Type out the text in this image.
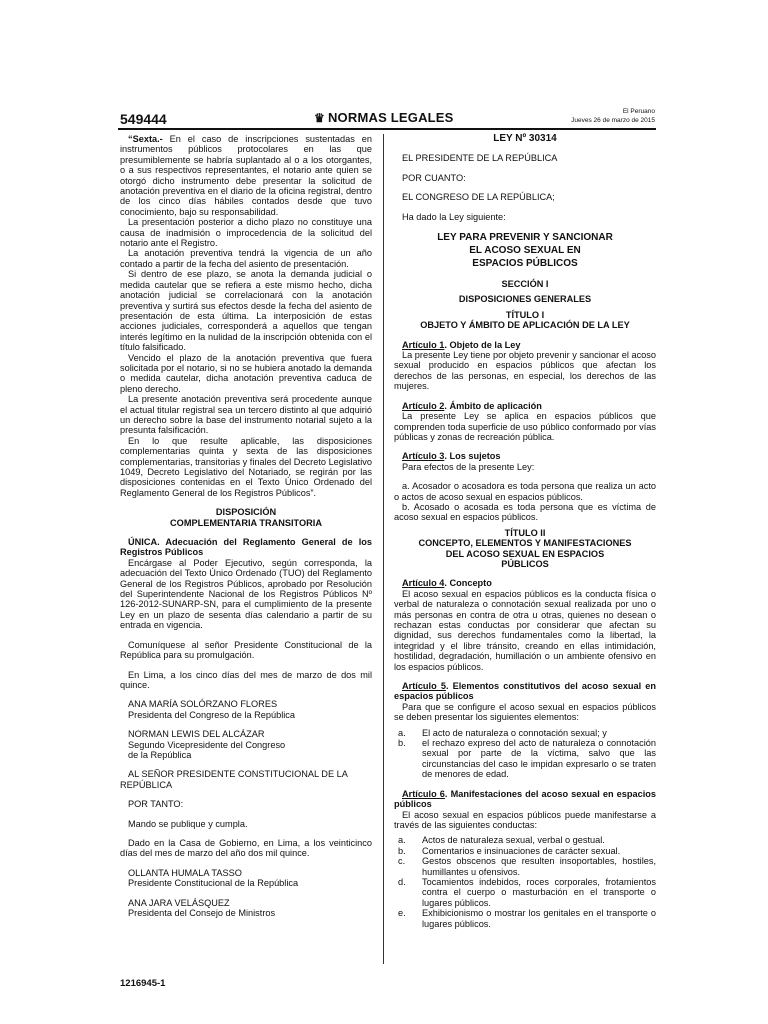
549444	♛ NORMAS LEGALES	El Peruano
Jueves 26 de marzo de 2015

“Sexta.- En el caso de inscripciones sustentadas en instrumentos públicos protocolares en las que presumiblemente se habría suplantado al o a los otorgantes, o a sus respectivos representantes, el notario ante quien se otorgó dicho instrumento debe presentar la solicitud de anotación preventiva en el diario de la oficina registral, dentro de los cinco días hábiles contados desde que tuvo conocimiento, bajo su responsabilidad.

La presentación posterior a dicho plazo no constituye una causa de inadmisión o improcedencia de la solicitud del notario ante el Registro.

La anotación preventiva tendrá la vigencia de un año contado a partir de la fecha del asiento de presentación.

Si dentro de ese plazo, se anota la demanda judicial o medida cautelar que se refiera a este mismo hecho, dicha anotación judicial se correlacionará con la anotación preventiva y surtirá sus efectos desde la fecha del asiento de presentación de esta última. La interposición de estas acciones judiciales, corresponderá a aquellos que tengan interés legítimo en la nulidad de la inscripción obtenida con el título falsificado.

Vencido el plazo de la anotación preventiva que fuera solicitada por el notario, si no se hubiera anotado la demanda o medida cautelar, dicha anotación preventiva caduca de pleno derecho.

La presente anotación preventiva será procedente aunque el actual titular registral sea un tercero distinto al que adquirió un derecho sobre la base del instrumento notarial sujeto a la presunta falsificación.

En lo que resulte aplicable, las disposiciones complementarias quinta y sexta de las disposiciones complementarias, transitorias y finales del Decreto Legislativo 1049, Decreto Legislativo del Notariado, se regirán por las disposiciones contenidas en el Texto Único Ordenado del Reglamento General de los Registros Públicos”.

DISPOSICIÓN

COMPLEMENTARIA TRANSITORIA

ÚNICA. Adecuación del Reglamento General de los Registros Públicos

Encárgase al Poder Ejecutivo, según corresponda, la adecuación del Texto Único Ordenado (TUO) del Reglamento General de los Registros Públicos, aprobado por Resolución del Superintendente Nacional de los Registros Públicos Nº 126-2012-SUNARP-SN, para el cumplimiento de la presente Ley en un plazo de sesenta días calendario a partir de su entrada en vigencia.

Comuníquese al señor Presidente Constitucional de la República para su promulgación.

En Lima, a los cinco días del mes de marzo de dos mil quince.

ANA MARÍA SOLÓRZANO FLORES

Presidenta del Congreso de la República

NORMAN LEWIS DEL ALCÁZAR

Segundo Vicepresidente del Congreso

de la República

AL SEÑOR PRESIDENTE CONSTITUCIONAL DE LA REPÚBLICA

POR TANTO:

Mando se publique y cumpla.

Dado en la Casa de Gobierno, en Lima, a los veinticinco días del mes de marzo del año dos mil quince.

OLLANTA HUMALA TASSO

Presidente Constitucional de la República

ANA JARA VELÁSQUEZ

Presidenta del Consejo de Ministros

1216945-1

LEY Nº 30314

EL PRESIDENTE DE LA REPÚBLICA

POR CUANTO:

EL CONGRESO DE LA REPÚBLICA;

Ha dado la Ley siguiente:

LEY PARA PREVENIR Y SANCIONAR

EL ACOSO SEXUAL EN

ESPACIOS PÚBLICOS

SECCIÓN I

DISPOSICIONES GENERALES

TÍTULO I

OBJETO Y ÁMBITO DE APLICACIÓN DE LA LEY

Artículo 1. Objeto de la Ley

La presente Ley tiene por objeto prevenir y sancionar el acoso sexual producido en espacios públicos que afectan los derechos de las personas, en especial, los derechos de las mujeres.

Artículo 2. Ámbito de aplicación

La presente Ley se aplica en espacios públicos que comprenden toda superficie de uso público conformado por vías públicas y zonas de recreación pública.

Artículo 3. Los sujetos

Para efectos de la presente Ley:

a. Acosador o acosadora es toda persona que realiza un acto o actos de acoso sexual en espacios públicos.

b. Acosado o acosada es toda persona que es víctima de acoso sexual en espacios públicos.

TÍTULO II

CONCEPTO, ELEMENTOS Y MANIFESTACIONES

DEL ACOSO SEXUAL EN ESPACIOS

PÚBLICOS

Artículo 4. Concepto

El acoso sexual en espacios públicos es la conducta física o verbal de naturaleza o connotación sexual realizada por uno o más personas en contra de otra u otras, quienes no desean o rechazan estas conductas por considerar que afectan su dignidad, sus derechos fundamentales como la libertad, la integridad y el libre tránsito, creando en ellas intimidación, hostilidad, degradación, humillación o un ambiente ofensivo en los espacios públicos.

Artículo 5. Elementos constitutivos del acoso sexual en espacios públicos

Para que se configure el acoso sexual en espacios públicos se deben presentar los siguientes elementos:

a.	El acto de naturaleza o connotación sexual; y
b.	el rechazo expreso del acto de naturaleza o connotación sexual por parte de la víctima, salvo que las circunstancias del caso le impidan expresarlo o se traten de menores de edad.

Artículo 6. Manifestaciones del acoso sexual en espacios públicos

El acoso sexual en espacios públicos puede manifestarse a través de las siguientes conductas:

a.	Actos de naturaleza sexual, verbal o gestual.
b.	Comentarios e insinuaciones de carácter sexual.
c.	Gestos obscenos que resulten insoportables, hostiles, humillantes u ofensivos.
d.	Tocamientos indebidos, roces corporales, frotamientos contra el cuerpo o masturbación en el transporte o lugares públicos.
e.	Exhibicionismo o mostrar los genitales en el transporte o lugares públicos.
